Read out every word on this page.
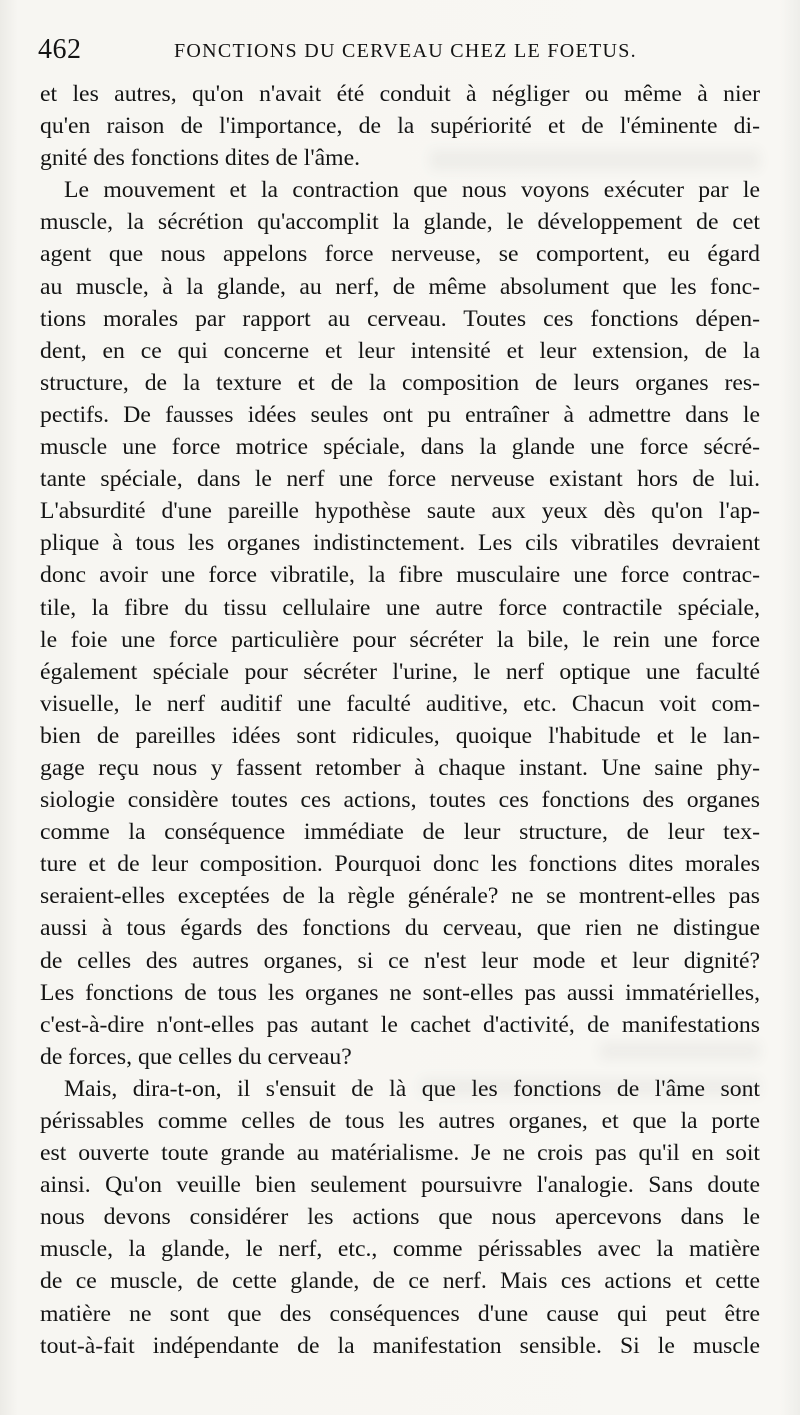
462	FONCTIONS DU CERVEAU CHEZ LE FOETUS.
et les autres, qu'on n'avait été conduit à négliger ou même à nier
qu'en raison de l'importance, de la supériorité et de l'éminente di-
gnité des fonctions dites de l'âme.
Le mouvement et la contraction que nous voyons exécuter par le
muscle, la sécrétion qu'accomplit la glande, le développement de cet
agent que nous appelons force nerveuse, se comportent, eu égard
au muscle, à la glande, au nerf, de même absolument que les fonc-
tions morales par rapport au cerveau. Toutes ces fonctions dépen-
dent, en ce qui concerne et leur intensité et leur extension, de la
structure, de la texture et de la composition de leurs organes res-
pectifs. De fausses idées seules ont pu entraîner à admettre dans le
muscle une force motrice spéciale, dans la glande une force sécré-
tante spéciale, dans le nerf une force nerveuse existant hors de lui.
L'absurdité d'une pareille hypothèse saute aux yeux dès qu'on l'ap-
plique à tous les organes indistinctement. Les cils vibratiles devraient
donc avoir une force vibratile, la fibre musculaire une force contrac-
tile, la fibre du tissu cellulaire une autre force contractile spéciale,
le foie une force particulière pour sécréter la bile, le rein une force
également spéciale pour sécréter l'urine, le nerf optique une faculté
visuelle, le nerf auditif une faculté auditive, etc. Chacun voit com-
bien de pareilles idées sont ridicules, quoique l'habitude et le lan-
gage reçu nous y fassent retomber à chaque instant. Une saine phy-
siologie considère toutes ces actions, toutes ces fonctions des organes
comme la conséquence immédiate de leur structure, de leur tex-
ture et de leur composition. Pourquoi donc les fonctions dites morales
seraient-elles exceptées de la règle générale? ne se montrent-elles pas
aussi à tous égards des fonctions du cerveau, que rien ne distingue
de celles des autres organes, si ce n'est leur mode et leur dignité?
Les fonctions de tous les organes ne sont-elles pas aussi immatérielles,
c'est-à-dire n'ont-elles pas autant le cachet d'activité, de manifestations
de forces, que celles du cerveau?
Mais, dira-t-on, il s'ensuit de là que les fonctions de l'âme sont
périssables comme celles de tous les autres organes, et que la porte
est ouverte toute grande au matérialisme. Je ne crois pas qu'il en soit
ainsi. Qu'on veuille bien seulement poursuivre l'analogie. Sans doute
nous devons considérer les actions que nous apercevons dans le
muscle, la glande, le nerf, etc., comme périssables avec la matière
de ce muscle, de cette glande, de ce nerf. Mais ces actions et cette
matière ne sont que des conséquences d'une cause qui peut être
tout-à-fait indépendante de la manifestation sensible. Si le muscle
